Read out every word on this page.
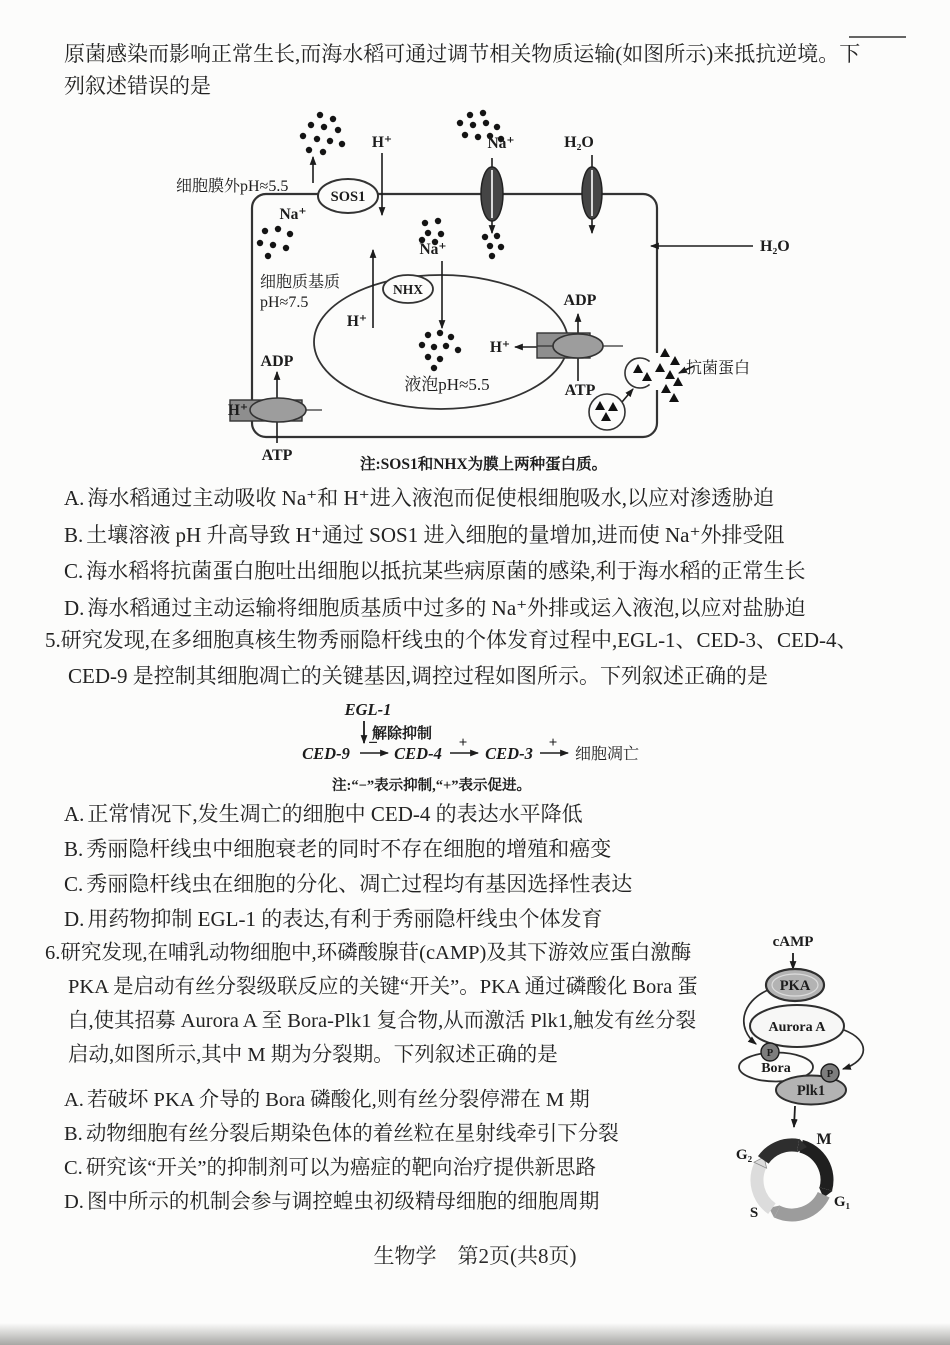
原菌感染而影响正常生长,而海水稻可通过调节相关物质运输(如图所示)来抵抗逆境。下
列叙述错误的是
SOS1
NHX
细胞膜外pH≈5.5
Na⁺
H⁺	Na⁺	H₂O
H₂O
细胞质基质
pH≈7.5
H⁺
Na⁺
液泡pH≈5.5
ADP
ATP
H⁺
ADP
ATP
H⁺
抗菌蛋白
注:SOS1和NHX为膜上两种蛋白质。
A. 海水稻通过主动吸收 Na⁺和 H⁺进入液泡而促使根细胞吸水,以应对渗透胁迫
B. 土壤溶液 pH 升高导致 H⁺通过 SOS1 进入细胞的量增加,进而使 Na⁺外排受阻
C. 海水稻将抗菌蛋白胞吐出细胞以抵抗某些病原菌的感染,利于海水稻的正常生长
D. 海水稻通过主动运输将细胞质基质中过多的 Na⁺外排或运入液泡,以应对盐胁迫
5.研究发现,在多细胞真核生物秀丽隐杆线虫的个体发育过程中,EGL-1、CED-3、CED-4、
CED-9 是控制其细胞凋亡的关键基因,调控过程如图所示。下列叙述正确的是
EGL-1
解除抑制
CED-9
−
CED-4
+
CED-3
+
细胞凋亡
注:“−”表示抑制,“+”表示促进。
A. 正常情况下,发生凋亡的细胞中 CED-4 的表达水平降低
B. 秀丽隐杆线虫中细胞衰老的同时不存在细胞的增殖和癌变
C. 秀丽隐杆线虫在细胞的分化、凋亡过程均有基因选择性表达
D. 用药物抑制 EGL-1 的表达,有利于秀丽隐杆线虫个体发育
6.研究发现,在哺乳动物细胞中,环磷酸腺苷(cAMP)及其下游效应蛋白激酶
PKA 是启动有丝分裂级联反应的关键“开关”。PKA 通过磷酸化 Bora 蛋
白,使其招募 Aurora A 至 Bora-Plk1 复合物,从而激活 Plk1,触发有丝分裂
启动,如图所示,其中 M 期为分裂期。下列叙述正确的是
A. 若破坏 PKA 介导的 Bora 磷酸化,则有丝分裂停滞在 M 期
B. 动物细胞有丝分裂后期染色体的着丝粒在星射线牵引下分裂
C. 研究该“开关”的抑制剂可以为癌症的靶向治疗提供新思路
D. 图中所示的机制会参与调控蝗虫初级精母细胞的细胞周期
cAMP
PKA
Aurora A
Bora
Plk1
P
P
M
G₂
G₁
S
生物学　第2页(共8页)
